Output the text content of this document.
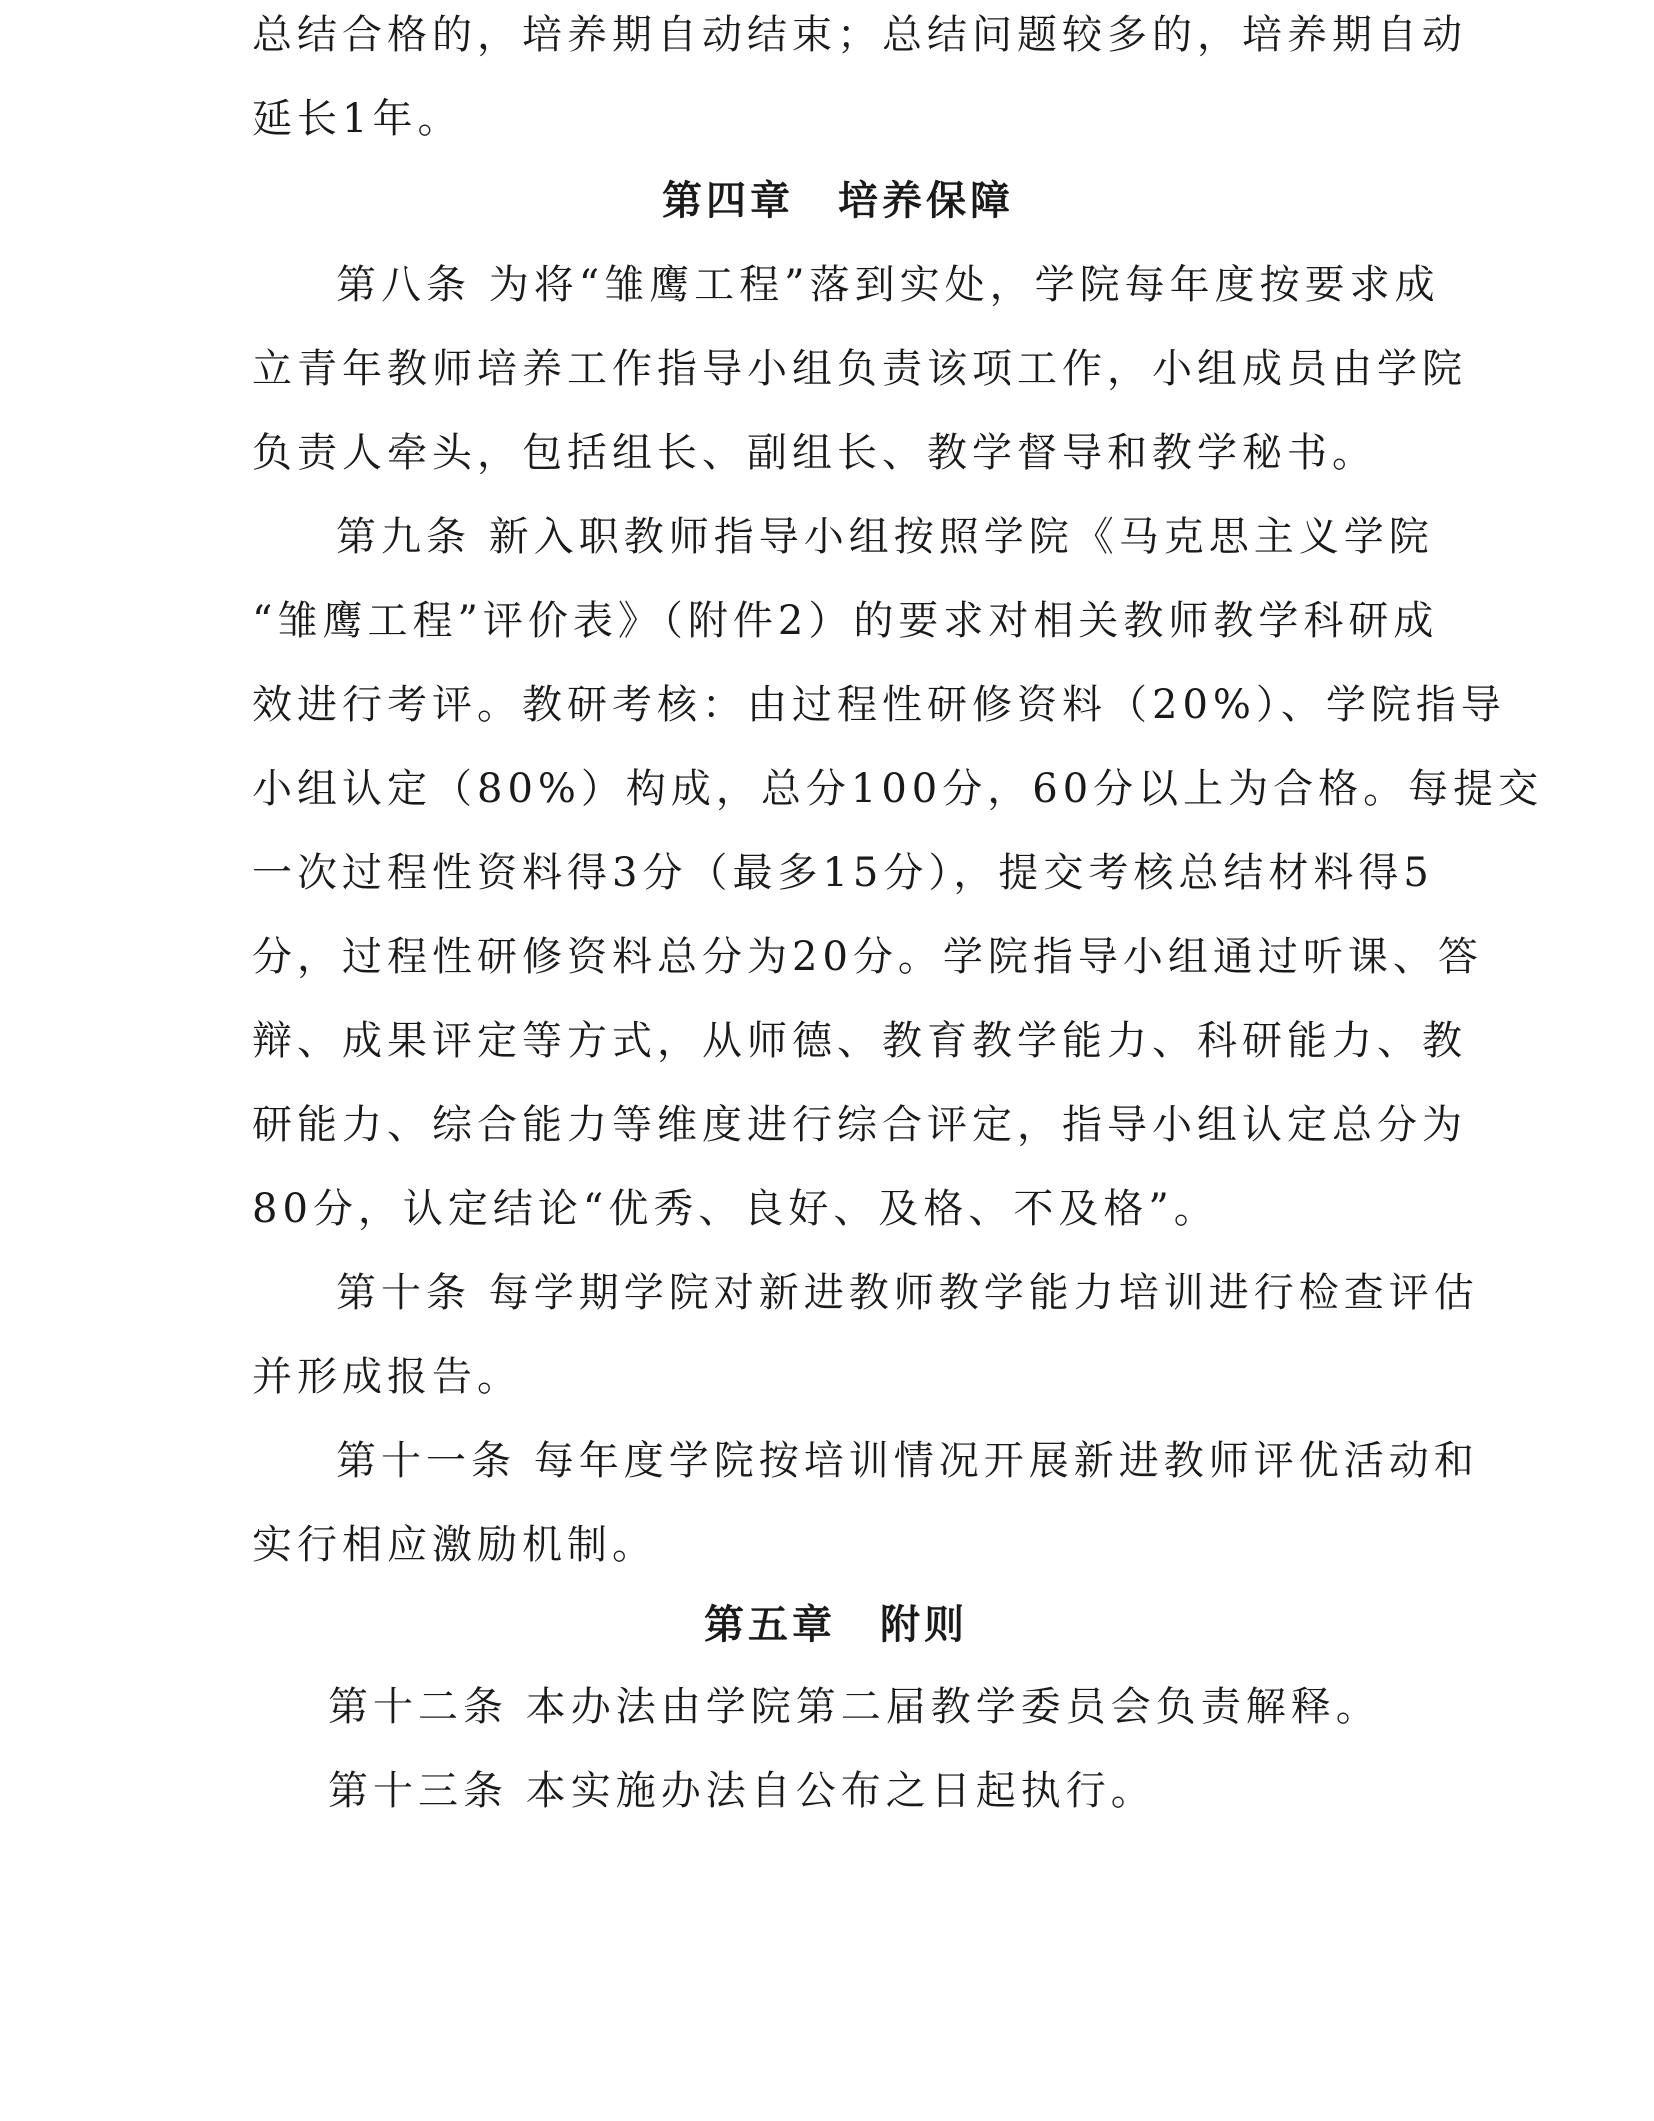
总结合格的，培养期自动结束；总结问题较多的，培养期自动
延长1年。
第四章　培养保障
第八条 为将“雏鹰工程”落到实处，学院每年度按要求成
立青年教师培养工作指导小组负责该项工作，小组成员由学院
负责人牵头，包括组长、副组长、教学督导和教学秘书。
第九条 新入职教师指导小组按照学院《马克思主义学院
“雏鹰工程”评价表》（附件2）的要求对相关教师教学科研成
效进行考评。教研考核：由过程性研修资料（20%）、学院指导
小组认定（80%）构成，总分100分，60分以上为合格。每提交
一次过程性资料得3分（最多15分），提交考核总结材料得5
分，过程性研修资料总分为20分。学院指导小组通过听课、答
辩、成果评定等方式，从师德、教育教学能力、科研能力、教
研能力、综合能力等维度进行综合评定，指导小组认定总分为
80分，认定结论“优秀、良好、及格、不及格”。
第十条 每学期学院对新进教师教学能力培训进行检查评估
并形成报告。
第十一条 每年度学院按培训情况开展新进教师评优活动和
实行相应激励机制。
第五章　附则
第十二条 本办法由学院第二届教学委员会负责解释。
第十三条 本实施办法自公布之日起执行。
